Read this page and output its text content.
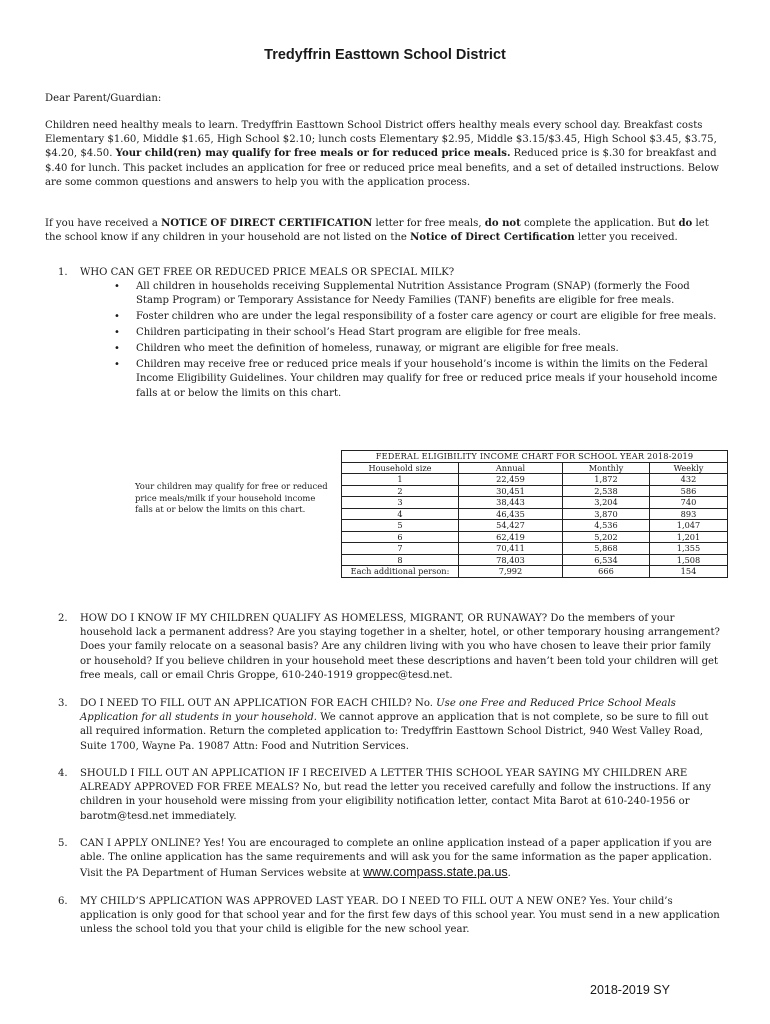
Tredyffrin Easttown School District
Dear Parent/Guardian:
Children need healthy meals to learn. Tredyffrin Easttown School District offers healthy meals every school day. Breakfast costs Elementary $1.60, Middle $1.65, High School $2.10; lunch costs Elementary $2.95, Middle $3.15/$3.45, High School $3.45, $3.75, $4.20, $4.50. Your child(ren) may qualify for free meals or for reduced price meals. Reduced price is $.30 for breakfast and $.40 for lunch. This packet includes an application for free or reduced price meal benefits, and a set of detailed instructions. Below are some common questions and answers to help you with the application process.
If you have received a NOTICE OF DIRECT CERTIFICATION letter for free meals, do not complete the application. But do let the school know if any children in your household are not listed on the Notice of Direct Certification letter you received.
1.	WHO CAN GET FREE OR REDUCED PRICE MEALS OR SPECIAL MILK?
• All children in households receiving Supplemental Nutrition Assistance Program (SNAP) (formerly the Food Stamp Program) or Temporary Assistance for Needy Families (TANF) benefits are eligible for free meals.
• Foster children who are under the legal responsibility of a foster care agency or court are eligible for free meals.
• Children participating in their school’s Head Start program are eligible for free meals.
• Children who meet the definition of homeless, runaway, or migrant are eligible for free meals.
• Children may receive free or reduced price meals if your household’s income is within the limits on the Federal Income Eligibility Guidelines. Your children may qualify for free or reduced price meals if your household income falls at or below the limits on this chart.
Your children may qualify for free or reduced price meals/milk if your household income falls at or below the limits on this chart.
FEDERAL ELIGIBILITY INCOME CHART FOR SCHOOL YEAR 2018-2019			
Household size	Annual	Monthly	Weekly
1	22,459	1,872	432
2	30,451	2,538	586
3	38,443	3,204	740
4	46,435	3,870	893
5	54,427	4,536	1,047
6	62,419	5,202	1,201
7	70,411	5,868	1,355
8	78,403	6,534	1,508
Each additional person:	7,992	666	154
2.	HOW DO I KNOW IF MY CHILDREN QUALIFY AS HOMELESS, MIGRANT, OR RUNAWAY? Do the members of your household lack a permanent address? Are you staying together in a shelter, hotel, or other temporary housing arrangement? Does your family relocate on a seasonal basis? Are any children living with you who have chosen to leave their prior family or household? If you believe children in your household meet these descriptions and haven’t been told your children will get free meals, call or email Chris Groppe, 610-240-1919 groppec@tesd.net.
3.	DO I NEED TO FILL OUT AN APPLICATION FOR EACH CHILD? No. Use one Free and Reduced Price School Meals Application for all students in your household. We cannot approve an application that is not complete, so be sure to fill out all required information. Return the completed application to: Tredyffrin Easttown School District, 940 West Valley Road, Suite 1700, Wayne Pa. 19087 Attn: Food and Nutrition Services.
4.	SHOULD I FILL OUT AN APPLICATION IF I RECEIVED A LETTER THIS SCHOOL YEAR SAYING MY CHILDREN ARE ALREADY APPROVED FOR FREE MEALS? No, but read the letter you received carefully and follow the instructions. If any children in your household were missing from your eligibility notification letter, contact Mita Barot at 610-240-1956 or barotm@tesd.net immediately.
5.	CAN I APPLY ONLINE? Yes! You are encouraged to complete an online application instead of a paper application if you are able. The online application has the same requirements and will ask you for the same information as the paper application. Visit the PA Department of Human Services website at www.compass.state.pa.us.
6.	MY CHILD’S APPLICATION WAS APPROVED LAST YEAR. DO I NEED TO FILL OUT A NEW ONE? Yes. Your child’s application is only good for that school year and for the first few days of this school year. You must send in a new application unless the school told you that your child is eligible for the new school year.
2018-2019 SY
